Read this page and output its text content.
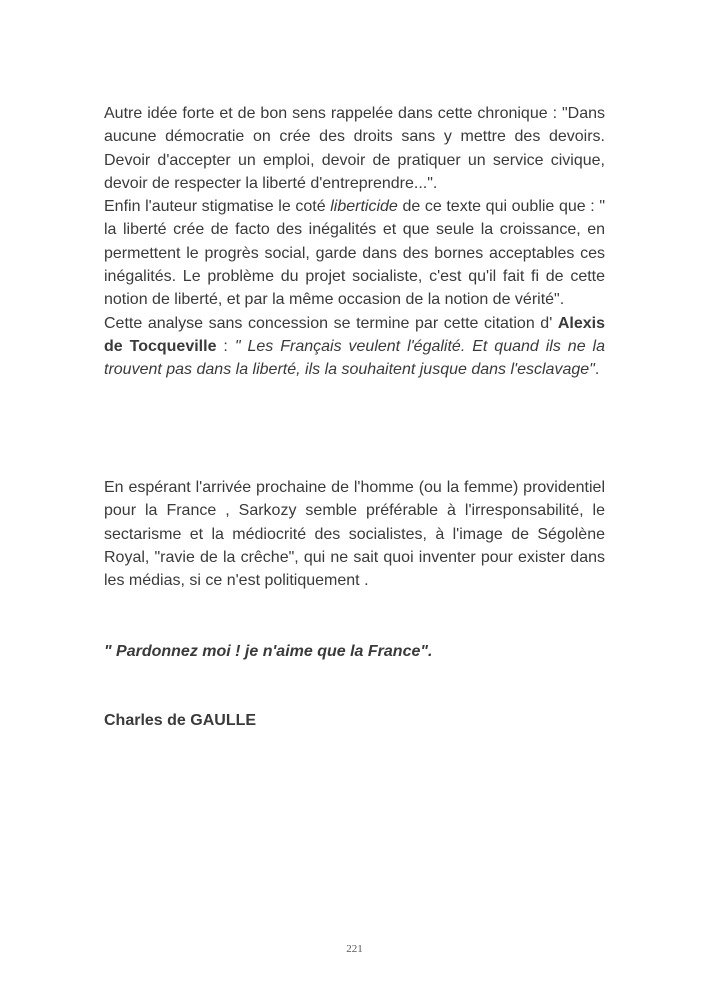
Autre idée forte et de bon sens rappelée dans cette chronique : "Dans aucune démocratie on crée des droits sans y mettre des devoirs. Devoir d'accepter un emploi, devoir de pratiquer un service civique, devoir de respecter la liberté d'entreprendre...".

Enfin l'auteur stigmatise le coté liberticide de ce texte qui oublie que : " la liberté crée de facto des inégalités et que seule la croissance, en permettent le progrès social, garde dans des bornes acceptables ces inégalités. Le problème du projet socialiste, c'est qu'il fait fi de cette notion de liberté, et par la même occasion de la notion de vérité".

Cette analyse sans concession se termine par cette citation d' Alexis de Tocqueville : " Les Français veulent l'égalité. Et quand ils ne la trouvent pas dans la liberté, ils la souhaitent jusque dans l'esclavage".

En espérant l'arrivée prochaine de l'homme (ou la femme) providentiel pour la France , Sarkozy semble préférable à l'irresponsabilité, le sectarisme et la médiocrité des socialistes, à l'image de Ségolène Royal, "ravie de la crêche", qui ne sait quoi inventer pour exister dans les médias, si ce n'est politiquement .

" Pardonnez moi ! je n'aime que la France".

Charles de GAULLE

221
